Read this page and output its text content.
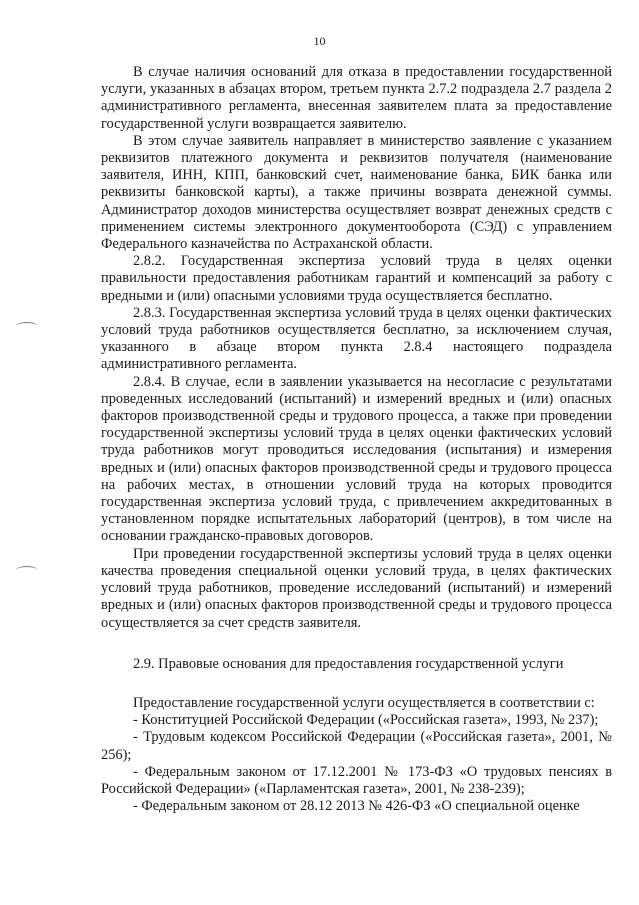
10

В случае наличия оснований для отказа в предоставлении государственной услуги, указанных в абзацах втором, третьем пункта 2.7.2 подраздела 2.7 раздела 2 административного регламента, внесенная заявителем плата за предоставление государственной услуги возвращается заявителю.

В этом случае заявитель направляет в министерство заявление с указанием реквизитов платежного документа и реквизитов получателя (наименование заявителя, ИНН, КПП, банковский счет, наименование банка, БИК банка или реквизиты банковской карты), а также причины возврата денежной суммы. Администратор доходов министерства осуществляет возврат денежных средств с применением системы электронного документооборота (СЭД) с управлением Федерального казначейства по Астраханской области.

2.8.2. Государственная экспертиза условий труда в целях оценки правильности предоставления работникам гарантий и компенсаций за работу с вредными и (или) опасными условиями труда осуществляется бесплатно.

2.8.3. Государственная экспертиза условий труда в целях оценки фактических условий труда работников осуществляется бесплатно, за исключением случая, указанного в абзаце втором пункта 2.8.4 настоящего подраздела административного регламента.

2.8.4. В случае, если в заявлении указывается на несогласие с результатами проведенных исследований (испытаний) и измерений вредных и (или) опасных факторов производственной среды и трудового процесса, а также при проведении государственной экспертизы условий труда в целях оценки фактических условий труда работников могут проводиться исследования (испытания) и измерения вредных и (или) опасных факторов производственной среды и трудового процесса на рабочих местах, в отношении условий труда на которых проводится государственная экспертиза условий труда, с привлечением аккредитованных в установленном порядке испытательных лабораторий (центров), в том числе на основании гражданско-правовых договоров.

При проведении государственной экспертизы условий труда в целях оценки качества проведения специальной оценки условий труда, в целях фактических условий труда работников, проведение исследований (испытаний) и измерений вредных и (или) опасных факторов производственной среды и трудового процесса осуществляется за счет средств заявителя.

2.9. Правовые основания для предоставления государственной услуги

Предоставление государственной услуги осуществляется в соответствии с:

- Конституцией Российской Федерации («Российская газета», 1993, № 237);

- Трудовым кодексом Российской Федерации («Российская газета», 2001, № 256);

- Федеральным законом от 17.12.2001 № 173-ФЗ «О трудовых пенсиях в Российской Федерации» («Парламентская газета», 2001, № 238-239);

- Федеральным законом от 28.12 2013 № 426-ФЗ «О специальной оценке
